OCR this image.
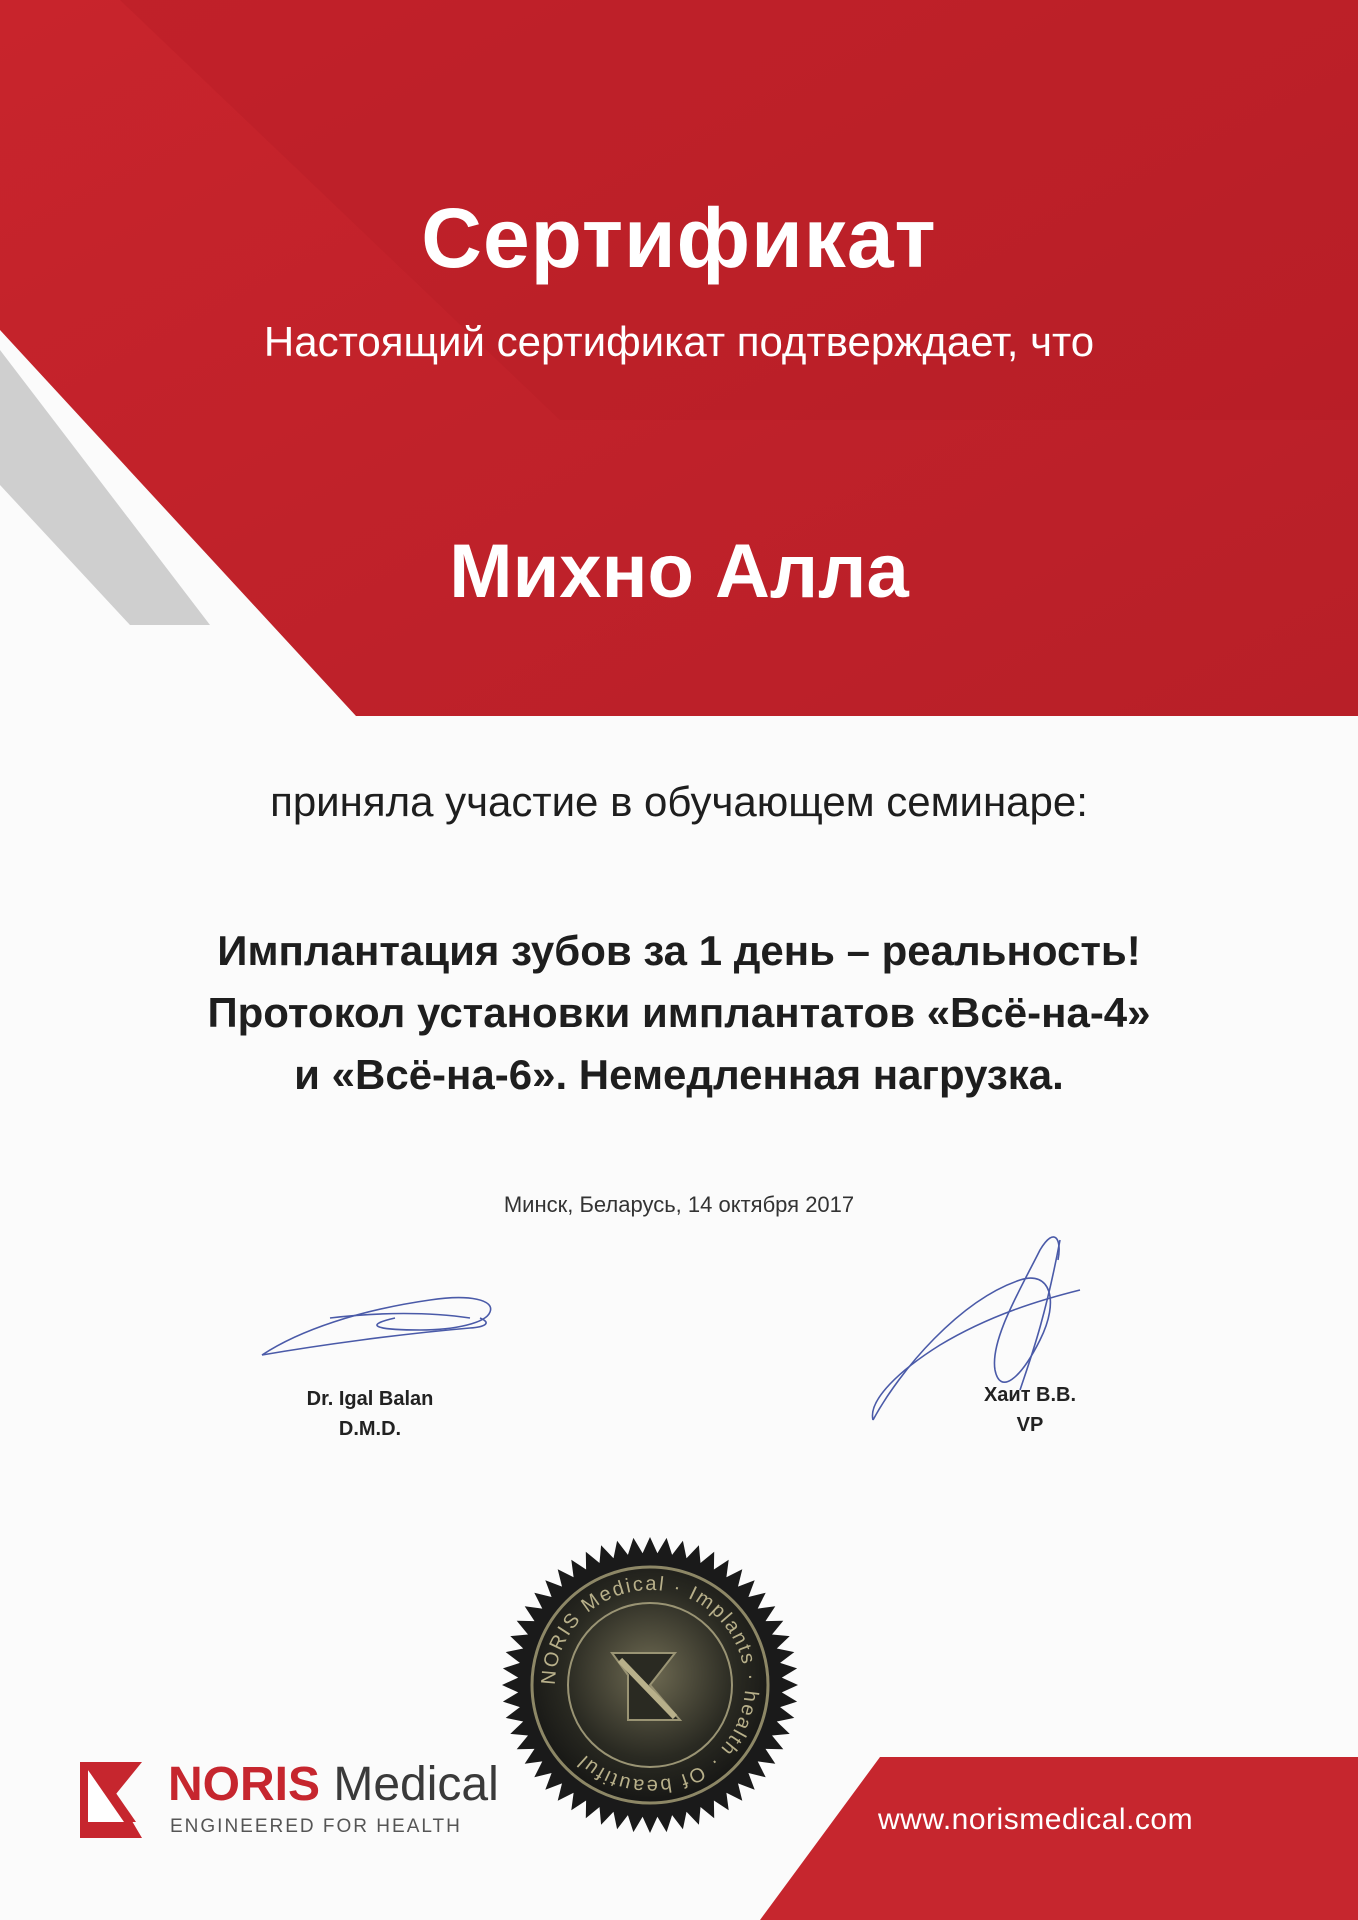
Сертификат
Настоящий сертификат подтверждает, что
Михно Алла
приняла участие в обучающем семинаре:
Имплантация зубов за 1 день – реальность!
Протокол установки имплантатов «Всё-на-4»
и «Всё-на-6». Немедленная нагрузка.
Минск, Беларусь, 14 октября 2017
Dr. Igal Balan
D.M.D.
Хаит В.В.
VP
NORIS Medical · Implants · health · Of beautiful
NORIS Medical
ENGINEERED FOR HEALTH	www.norismedical.com
